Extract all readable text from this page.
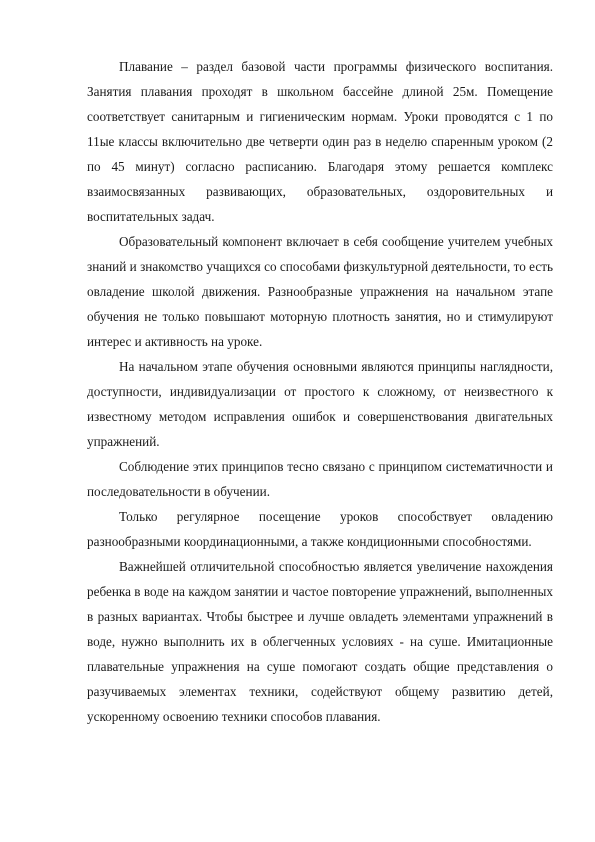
Плавание – раздел базовой части программы физического воспитания. Занятия плавания проходят в школьном бассейне длиной 25м. Помещение соответствует санитарным и гигиеническим нормам. Уроки проводятся с 1 по 11ые классы включительно две четверти один раз в неделю спаренным уроком (2 по 45 минут) согласно расписанию. Благодаря этому решается комплекс взаимосвязанных развивающих, образовательных, оздоровительных и воспитательных задач.

Образовательный компонент включает в себя сообщение учителем учебных знаний и знакомство учащихся со способами физкультурной деятельности, то есть овладение школой движения. Разнообразные упражнения на начальном этапе обучения не только повышают моторную плотность занятия, но и стимулируют интерес и активность на уроке.

На начальном этапе обучения основными являются принципы наглядности, доступности, индивидуализации от простого к сложному, от неизвестного к известному методом исправления ошибок и совершенствования двигательных упражнений.

Соблюдение этих принципов тесно связано с принципом систематичности и последовательности в обучении.

Только регулярное посещение уроков способствует овладению разнообразными координационными, а также кондиционными способностями.

Важнейшей отличительной способностью является увеличение нахождения ребенка в воде на каждом занятии и частое повторение упражнений, выполненных в разных вариантах. Чтобы быстрее и лучше овладеть элементами упражнений в воде, нужно выполнить их в облегченных условиях - на суше. Имитационные плавательные упражнения на суше помогают создать общие представления о разучиваемых элементах техники, содействуют общему развитию детей, ускоренному освоению техники способов плавания.
